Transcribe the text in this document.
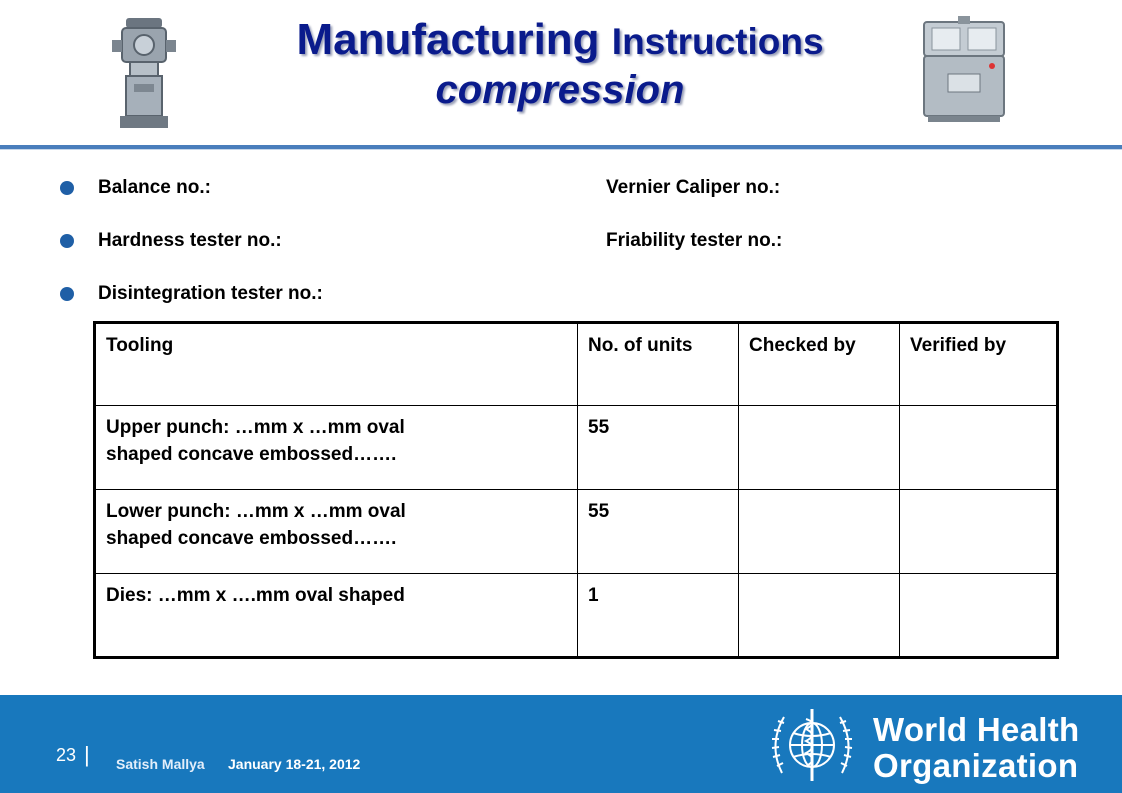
Manufacturing Instructions
compression
Balance no.:	Vernier Caliper no.:
Hardness tester no.:	Friability tester no.:
Disintegration tester no.:
Tooling	No. of units	Checked by	Verified by
Upper punch: …mm x …mm oval
shaped concave embossed…….	55		
Lower punch: …mm x …mm oval
shaped concave embossed…….	55		
Dies: …mm x ….mm oval shaped	1		
23 | Satish Mallya January 18-21, 2012
World Health
Organization
